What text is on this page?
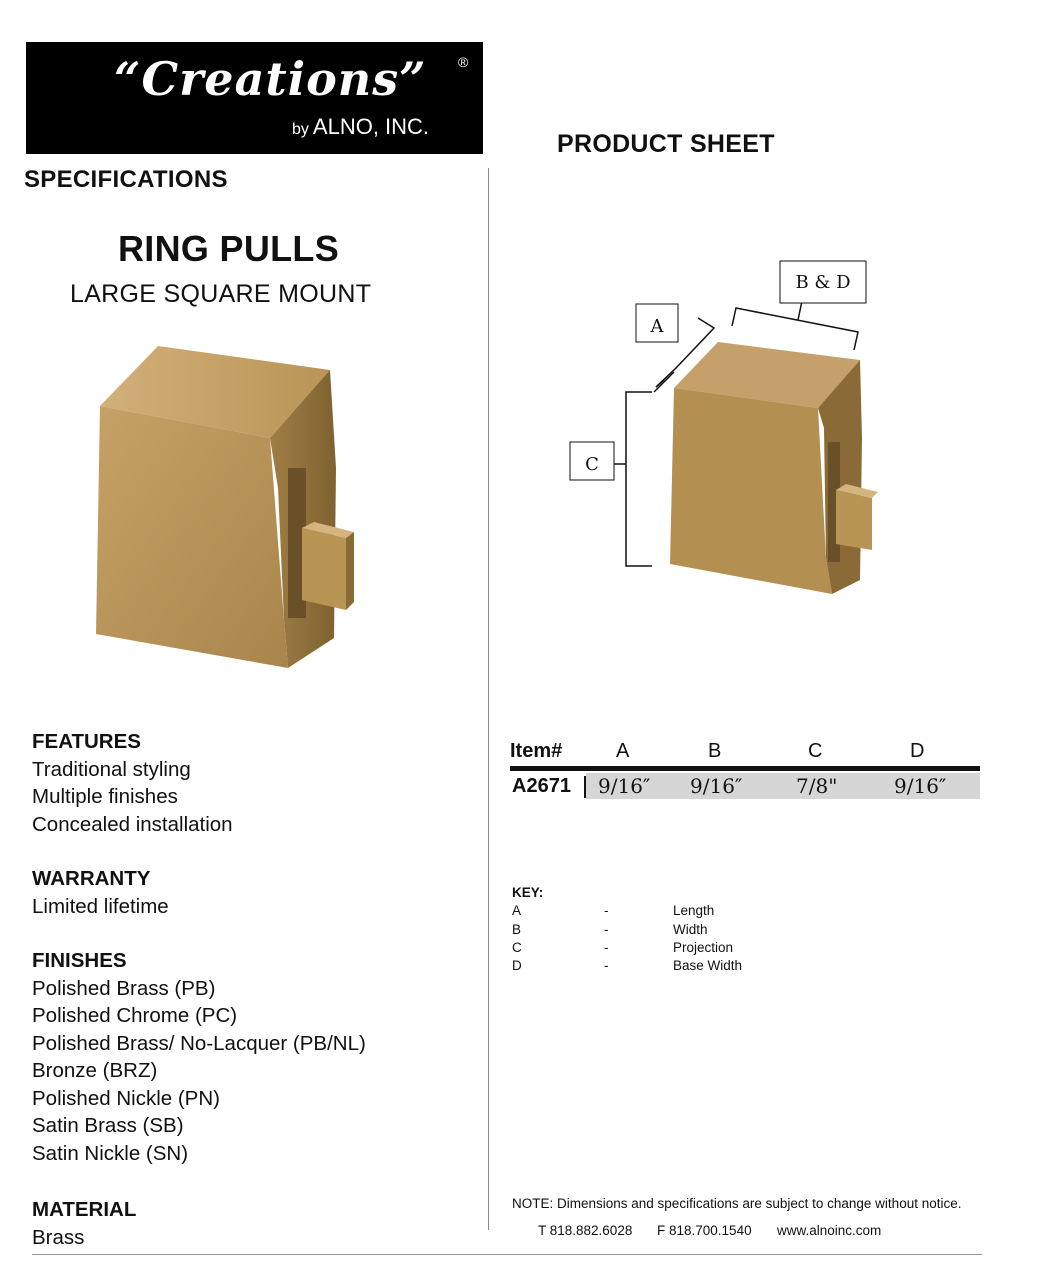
“Creations” ®
by ALNO, INC.
PRODUCT SHEET
SPECIFICATIONS
RING PULLS
LARGE SQUARE MOUNT
A
B & D
C
FEATURES
Traditional styling
Multiple finishes
Concealed installation
WARRANTY
Limited lifetime
FINISHES
Polished Brass (PB)
Polished Chrome (PC)
Polished Brass/ No-Lacquer (PB/NL)
Bronze (BRZ)
Polished Nickle (PN)
Satin Brass (SB)
Satin Nickle (SN)
MATERIAL
Brass
Item#	A	B	C	D
A2671 9/16″ 9/16″	7/8"	9/16″
KEY:
A	-	Length
B	-	Width
C	-	Projection
D	-	Base Width
NOTE: Dimensions and specifications are subject to change without notice.
T 818.882.6028 F 818.700.1540 www.alnoinc.com
